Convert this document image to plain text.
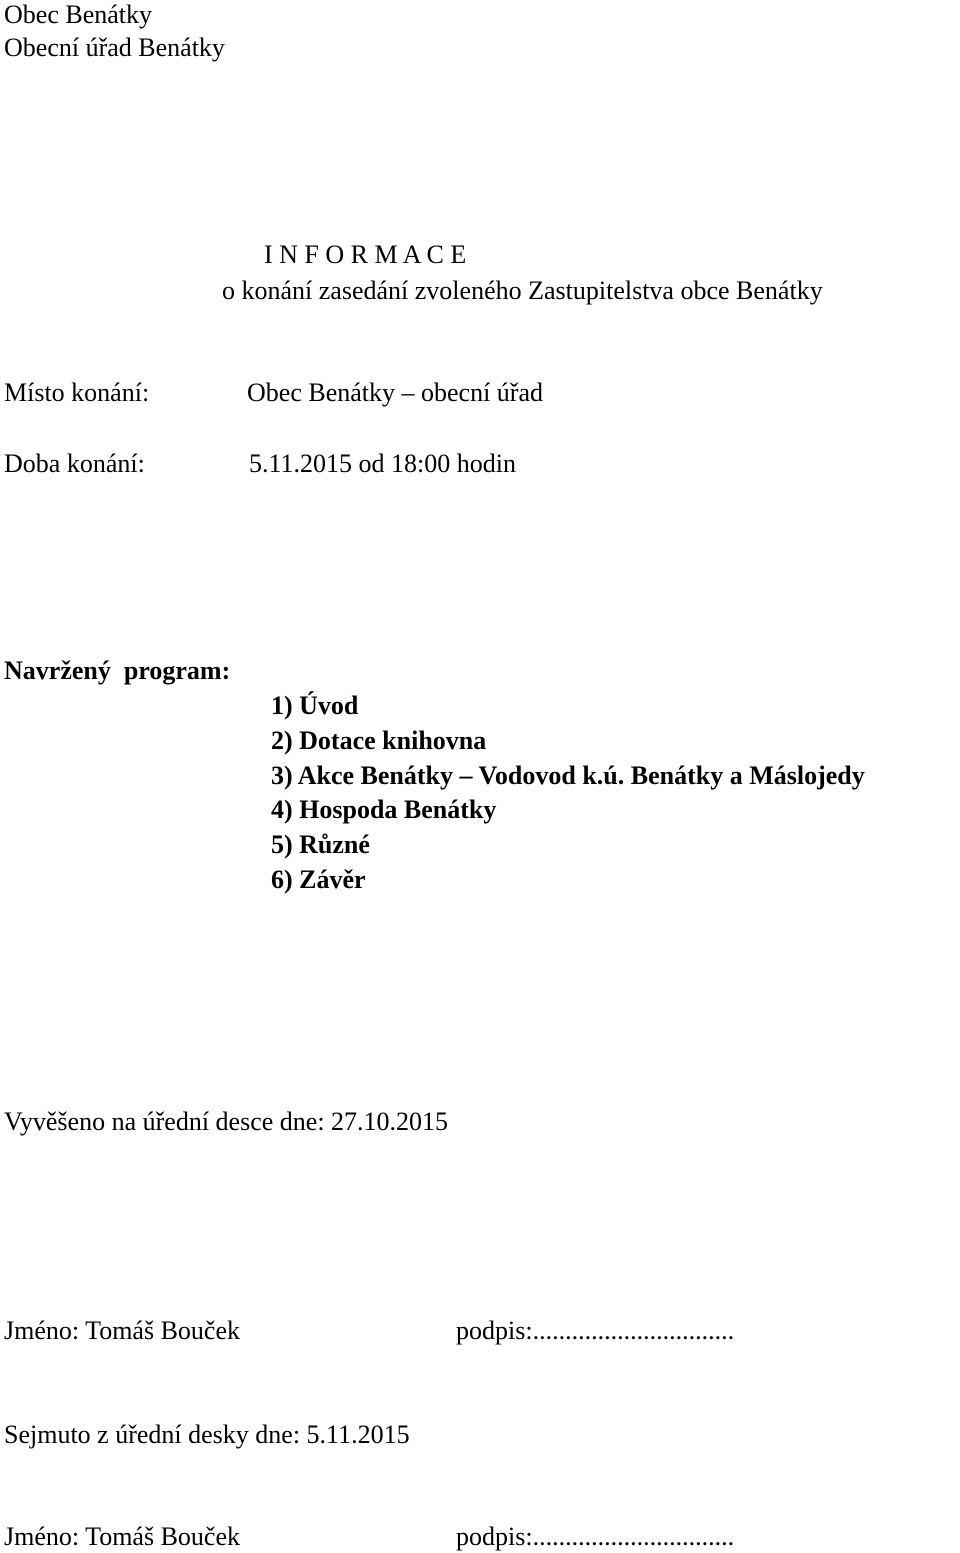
Obec Benátky
Obecní úřad Benátky
I N F O R M A C E
o konání zasedání zvoleného Zastupitelstva obce Benátky
Místo konání:	Obec Benátky – obecní úřad
Doba konání:	5.11.2015 od 18:00 hodin
Navržený  program:
1) Úvod
2) Dotace knihovna
3) Akce Benátky – Vodovod k.ú. Benátky a Máslojedy
4) Hospoda Benátky
5) Různé
6) Závěr
Vyvěšeno na úřední desce dne: 27.10.2015
Jméno: Tomáš Bouček	podpis:...............................
Sejmuto z úřední desky dne: 5.11.2015
Jméno: Tomáš Bouček	podpis:...............................
